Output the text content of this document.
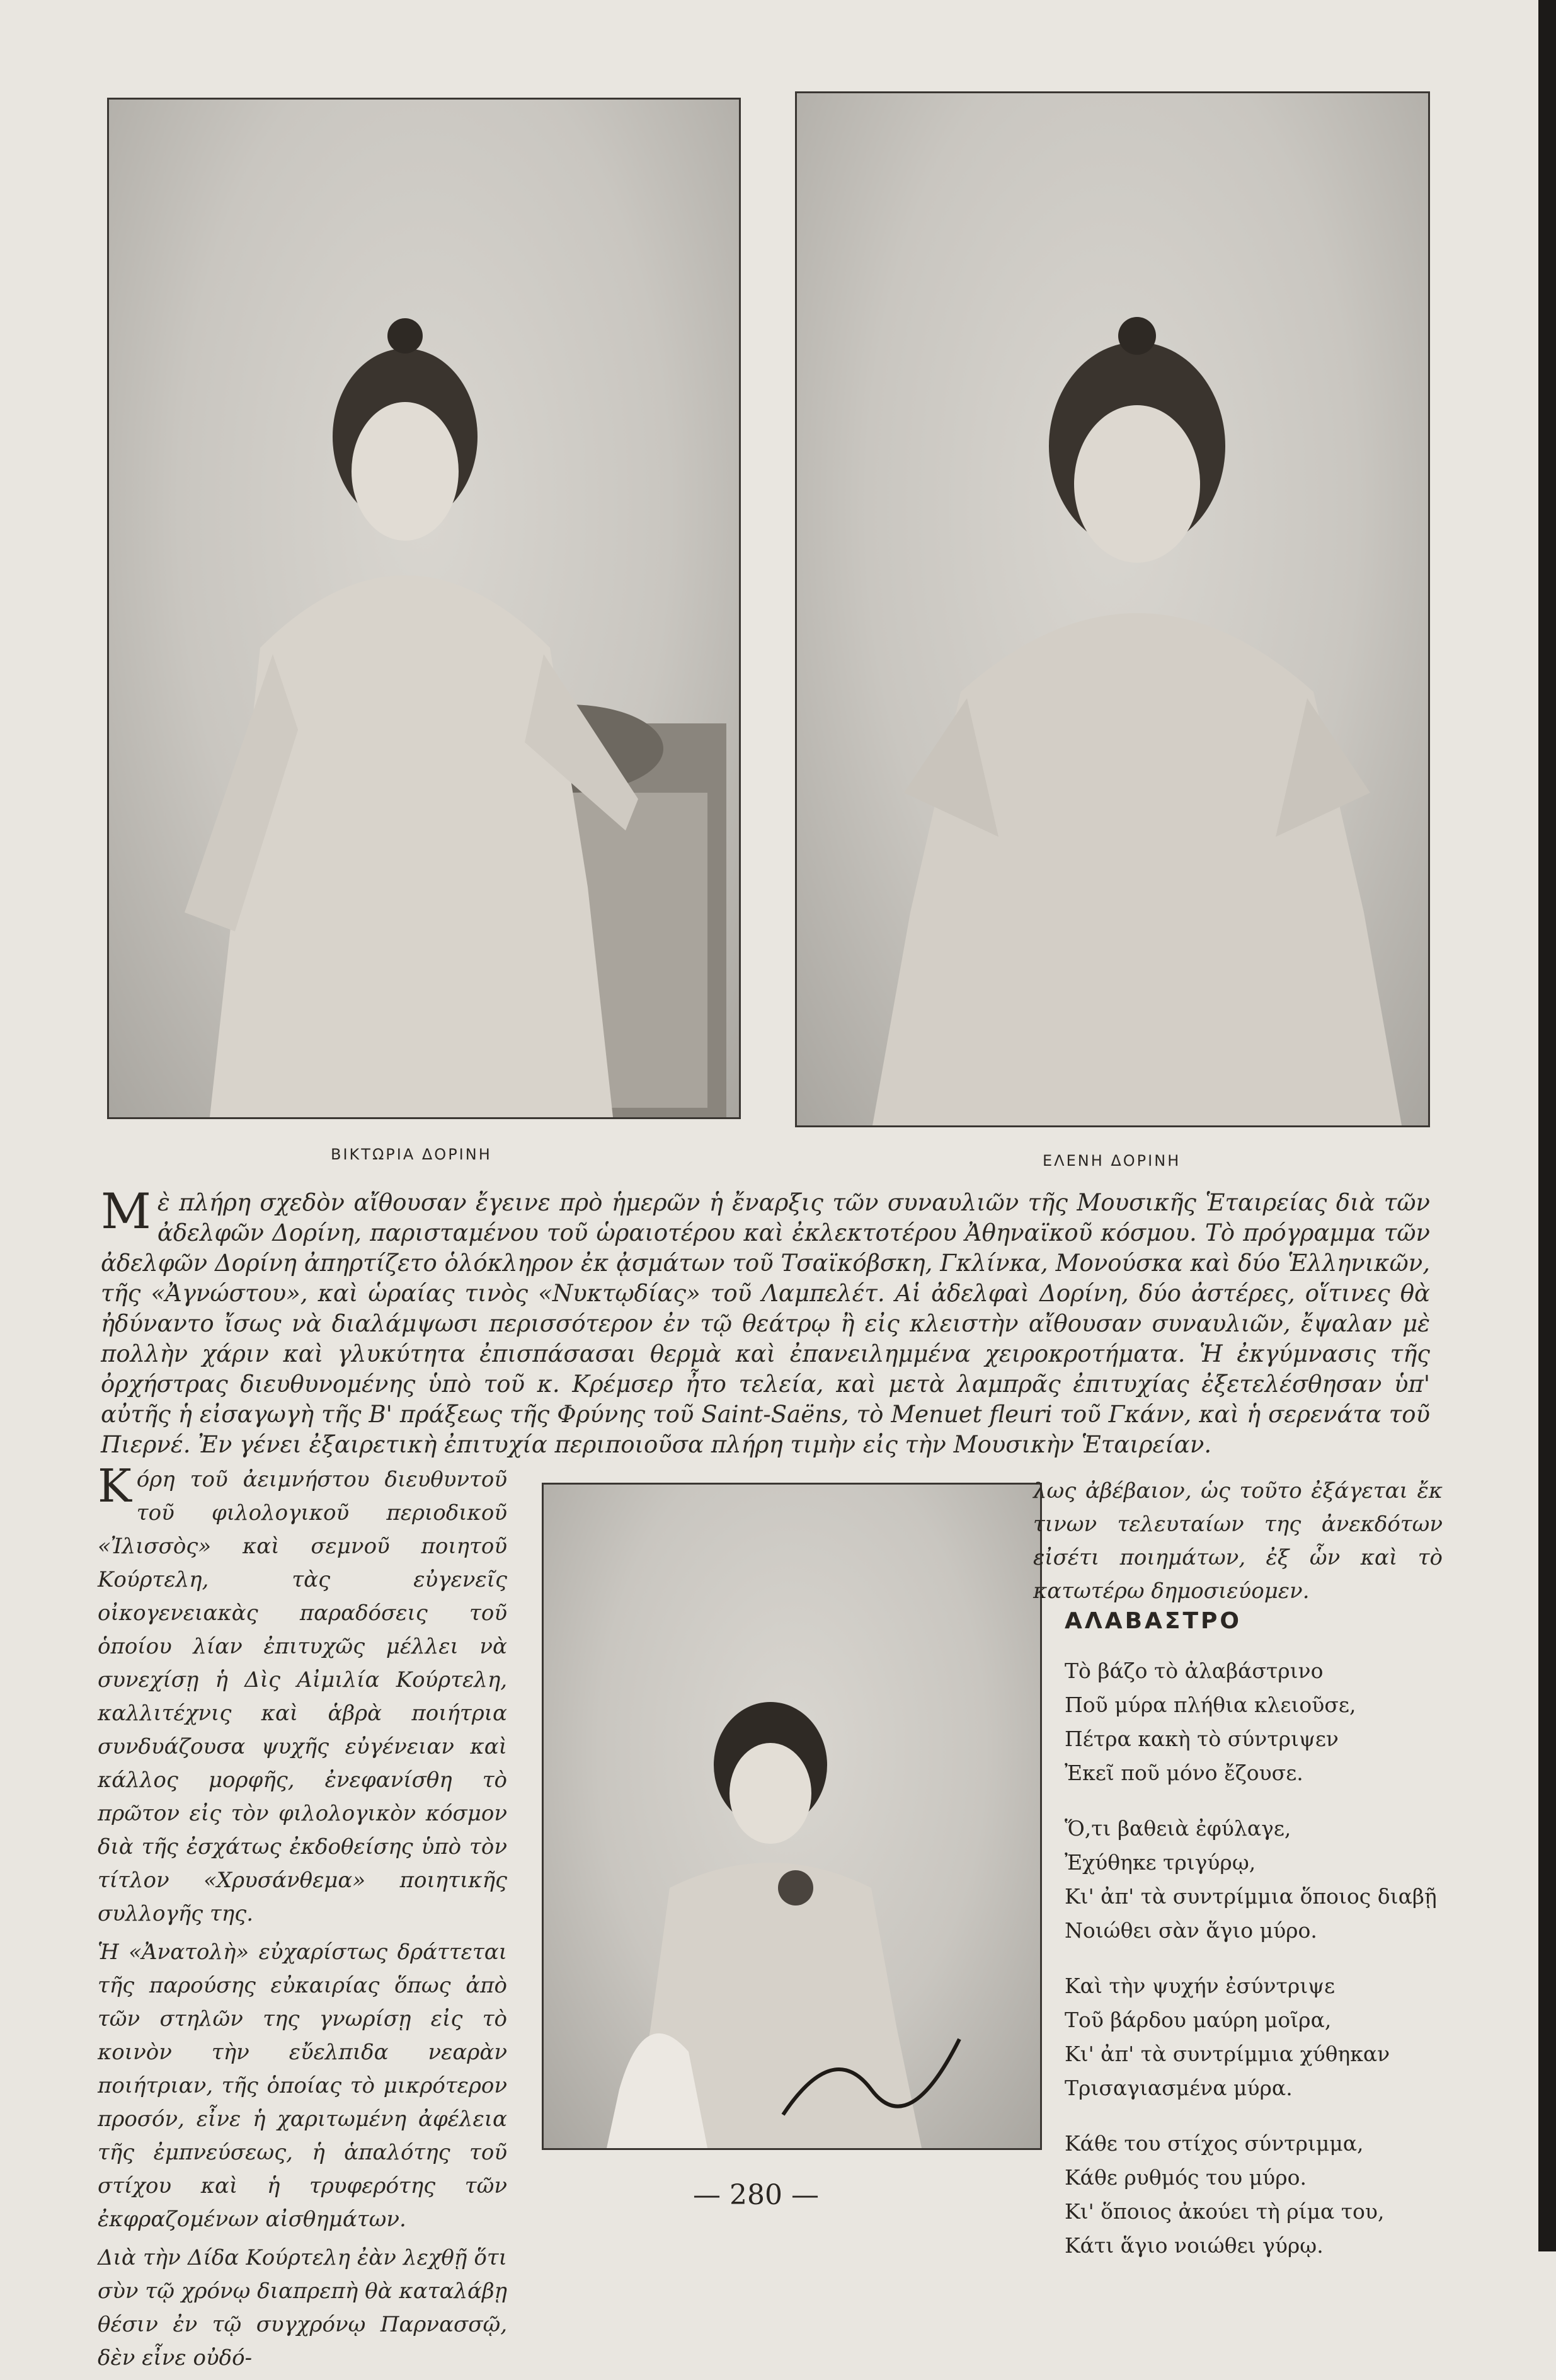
ΒΙΚΤΩΡΙΑ ΔΟΡΙΝΗ	ΕΛΕΝΗ ΔΟΡΙΝΗ
Μὲ πλήρη σχεδὸν αἴθουσαν ἔγεινε πρὸ ἡμερῶν ἡ ἔναρξις τῶν συναυλιῶν τῆς Μουσικῆς Ἑταιρείας διὰ τῶν ἀδελφῶν Δορίνη, παρισταμένου τοῦ ὡραιοτέρου καὶ ἐκλεκτοτέρου Ἀθηναϊκοῦ κόσμου. Τὸ πρόγραμμα τῶν ἀδελφῶν Δορίνη ἀπηρτίζετο ὁλόκληρον ἐκ ᾀσμάτων τοῦ Τσαϊκόβσκη, Γκλίνκα, Μονούσκα καὶ δύο Ἑλληνικῶν, τῆς «Ἀγνώστου», καὶ ὡραίας τινὸς «Νυκτῳδίας» τοῦ Λαμπελέτ. Αἱ ἀδελφαὶ Δορίνη, δύο ἀστέρες, οἵτινες θὰ ἠδύναντο ἴσως νὰ διαλάμψωσι περισσότερον ἐν τῷ θεάτρῳ ἢ εἰς κλειστὴν αἴθουσαν συναυλιῶν, ἔψαλαν μὲ πολλὴν χάριν καὶ γλυκύτητα ἐπισπάσασαι θερμὰ καὶ ἐπανειλημμένα χειροκροτήματα. Ἡ ἐκγύμνασις τῆς ὀρχήστρας διευθυνομένης ὑπὸ τοῦ κ. Κρέμσερ ἦτο τελεία, καὶ μετὰ λαμπρᾶς ἐπιτυχίας ἐξετελέσθησαν ὑπ' αὐτῆς ἡ εἰσαγωγὴ τῆς Β' πράξεως τῆς Φρύνης τοῦ Saint-Saëns, τὸ Menuet fleuri τοῦ Γκάνν, καὶ ἡ σερενάτα τοῦ Πιερνέ. Ἐν γένει ἐξαιρετικὴ ἐπιτυχία περιποιοῦσα πλήρη τιμὴν εἰς τὴν Μουσικὴν Ἑταιρείαν.

Κόρη τοῦ ἀειμνήστου διευθυντοῦ τοῦ φιλολογικοῦ περιοδικοῦ «Ἰλισσὸς» καὶ σεμνοῦ ποιητοῦ Κούρτελη, τὰς εὐγενεῖς οἰκογενειακὰς παραδόσεις τοῦ ὁποίου λίαν ἐπιτυχῶς μέλλει νὰ συνεχίσῃ ἡ Δὶς Αἰμιλία Κούρτελη, καλλιτέχνις καὶ ἁβρὰ ποιήτρια συνδυάζουσα ψυχῆς εὐγένειαν καὶ κάλλος μορφῆς, ἐνεφανίσθη τὸ πρῶτον εἰς τὸν φιλολογικὸν κόσμον διὰ τῆς ἐσχάτως ἐκδοθείσης ὑπὸ τὸν τίτλον «Χρυσάνθεμα» ποιητικῆς συλλογῆς της.

Ἡ «Ἀνατολὴ» εὐχαρίστως δράττεται τῆς παρούσης εὐκαιρίας ὅπως ἀπὸ τῶν στηλῶν της γνωρίσῃ εἰς τὸ κοινὸν τὴν εὔελπιδα νεαρὰν ποιήτριαν, τῆς ὁποίας τὸ μικρότερον προσόν, εἶνε ἡ χαριτωμένη ἀφέλεια τῆς ἐμπνεύσεως, ἡ ἁπαλότης τοῦ στίχου καὶ ἡ τρυφερότης τῶν ἐκφραζομένων αἰσθημάτων.

Διὰ τὴν Δίδα Κούρτελη ἐὰν λεχθῇ ὅτι σὺν τῷ χρόνῳ διαπρεπὴ θὰ καταλάβῃ θέσιν ἐν τῷ συγχρόνῳ Παρνασσῷ, δὲν εἶνε οὐδό-

λως ἀβέβαιον, ὡς τοῦτο ἐξάγεται ἔκ τινων τελευταίων της ἀνεκδότων εἰσέτι ποιημάτων, ἐξ ὧν καὶ τὸ κατωτέρω δημοσιεύομεν.
ΑΛΑΒΑΣΤΡΟ
Τὸ βάζο τὸ ἀλαβάστρινο
Ποῦ μύρα πλήθια κλειοῦσε,
Πέτρα κακὴ τὸ σύντριψεν
Ἐκεῖ ποῦ μόνο ἔζουσε.
Ὅ,τι βαθειὰ ἐφύλαγε,
Ἐχύθηκε τριγύρῳ,
Κι' ἀπ' τὰ συντρίμμια ὅποιος διαβῇ
Νοιώθει σὰν ἅγιο μύρο.
Καὶ τὴν ψυχήν ἐσύντριψε
Τοῦ βάρδου μαύρη μοῖρα,
Κι' ἀπ' τὰ συντρίμμια χύθηκαν
Τρισαγιασμένα μύρα.
Κάθε του στίχος σύντριμμα,
Κάθε ρυθμός του μύρο.
Κι' ὅποιος ἀκούει τὴ ρίμα του,
Κάτι ἅγιο νοιώθει γύρῳ.
— 280 —
